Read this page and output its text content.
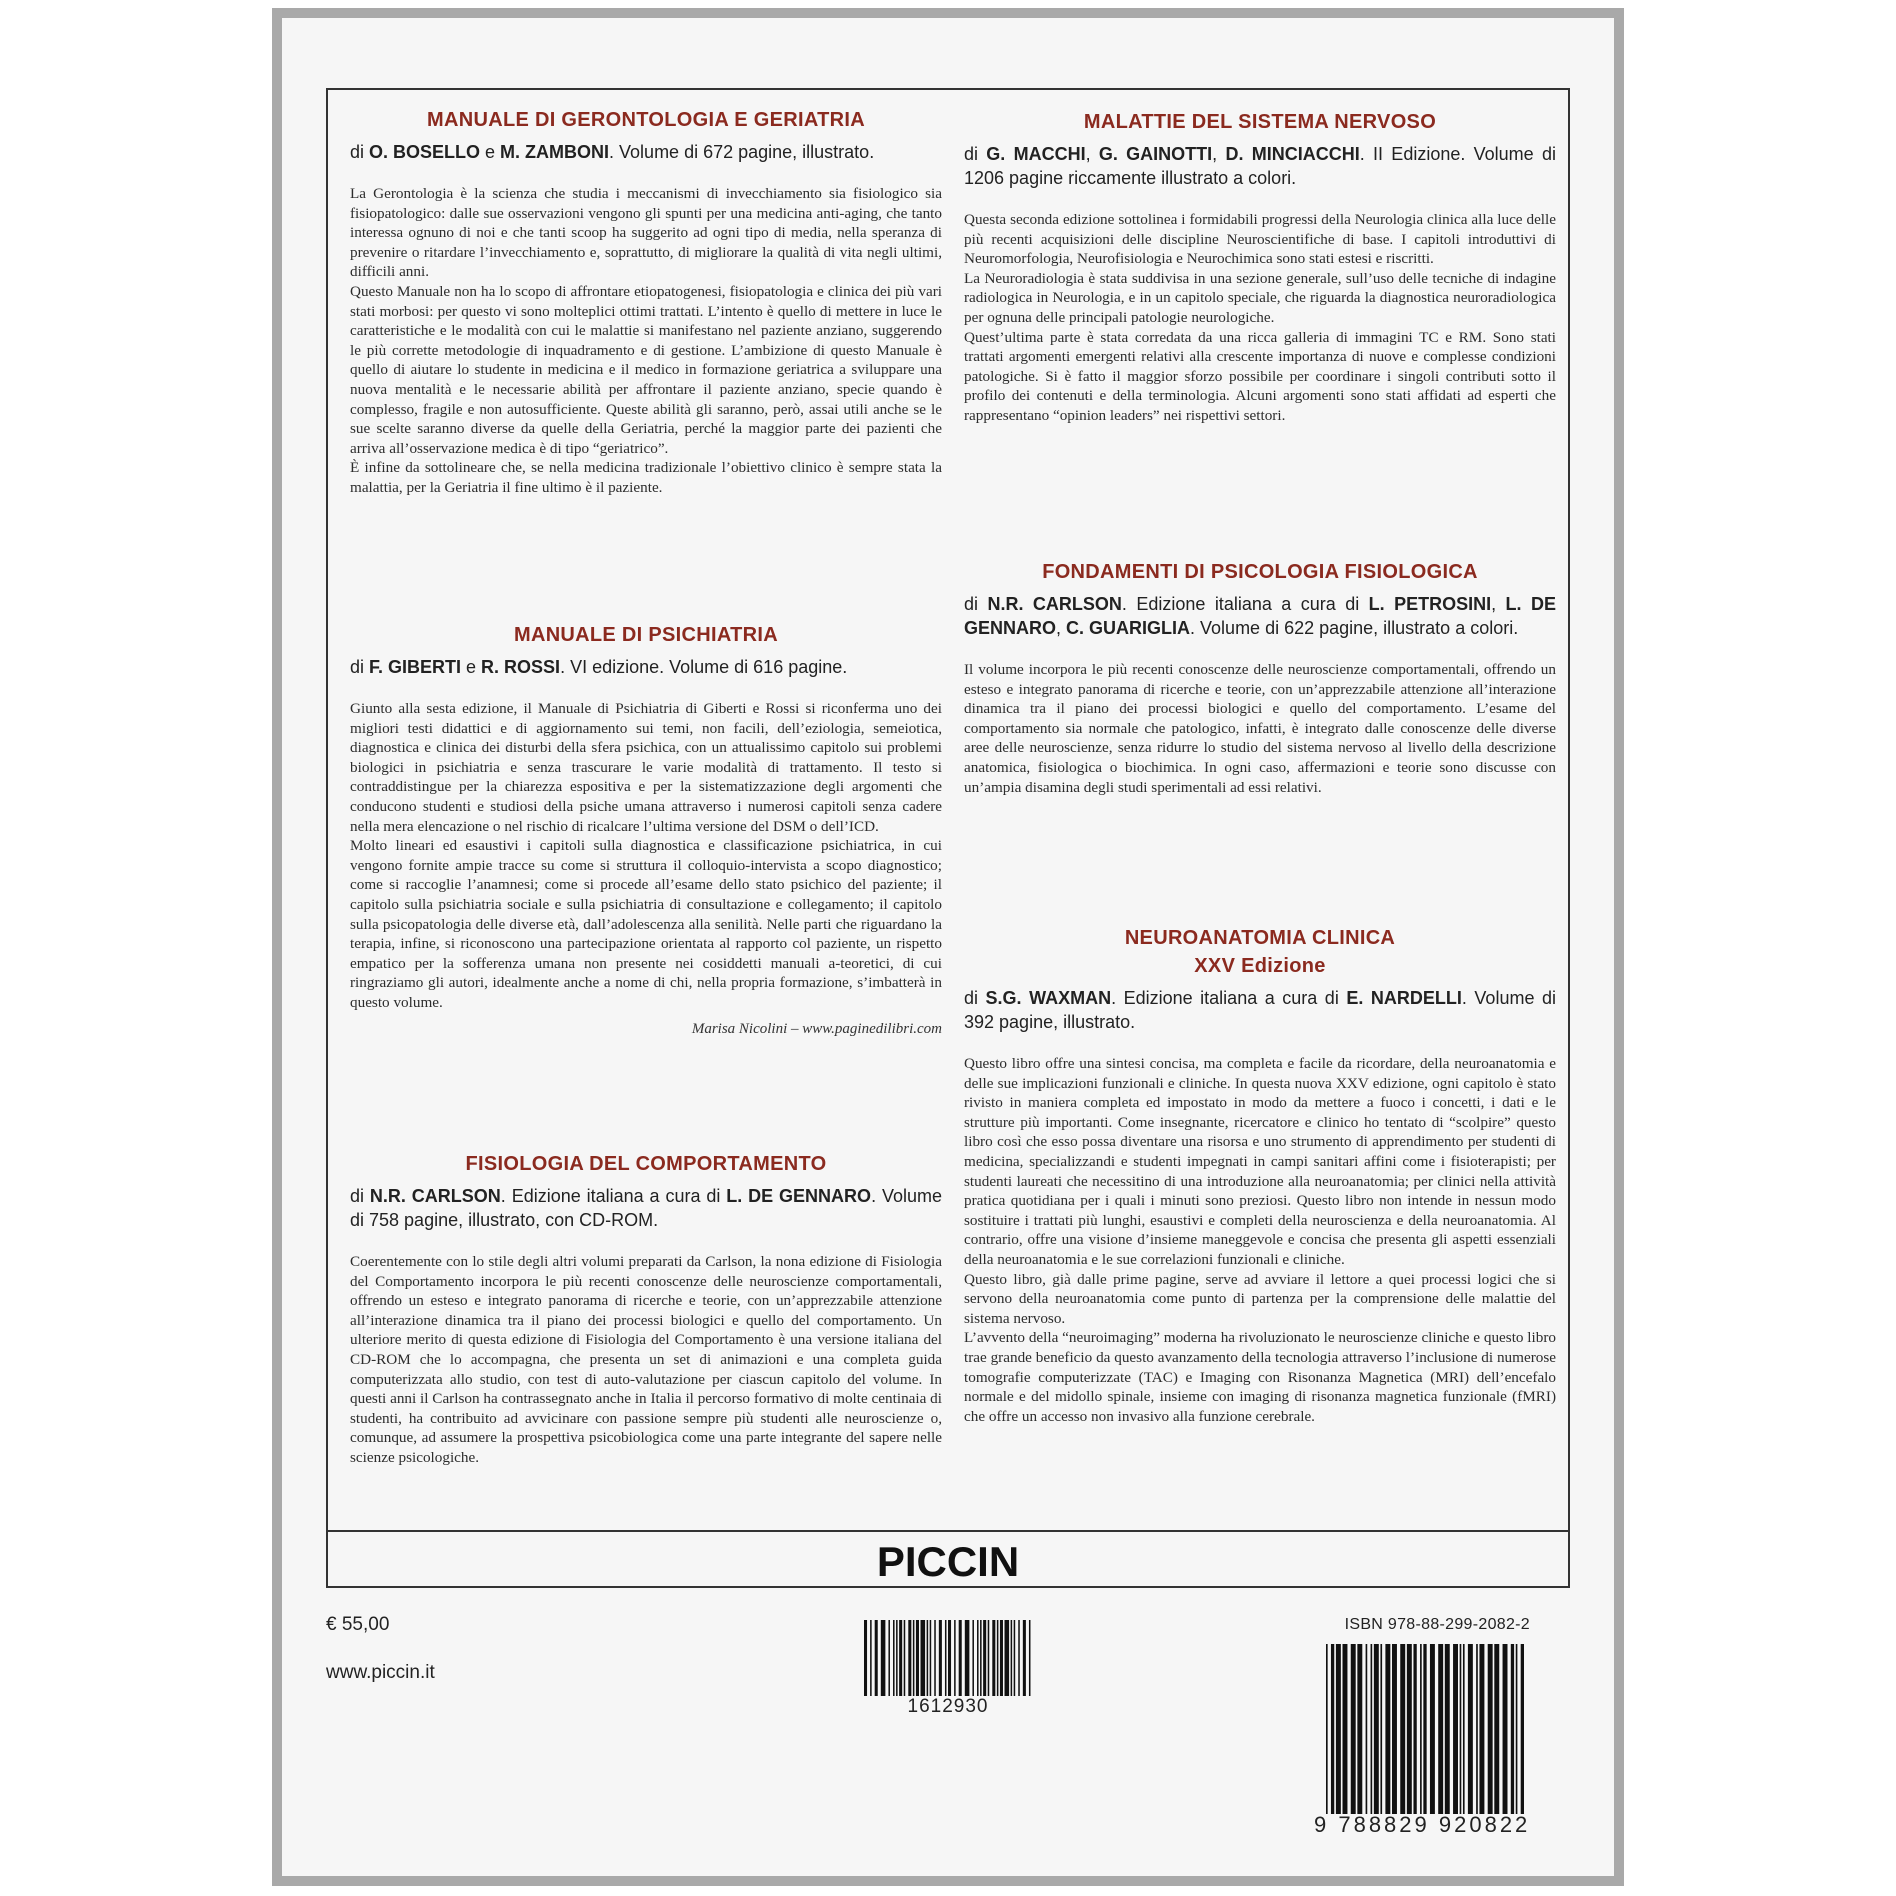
MANUALE DI GERONTOLOGIA E GERIATRIA
di O. BOSELLO e M. ZAMBONI. Volume di 672 pagine, illustrato.

La Gerontologia è la scienza che studia i meccanismi di invecchiamento sia fisiologico sia fisiopatologico: dalle sue osservazioni vengono gli spunti per una medicina anti-aging, che tanto interessa ognuno di noi e che tanti scoop ha suggerito ad ogni tipo di media, nella speranza di prevenire o ritardare l’invecchiamento e, soprattutto, di migliorare la qualità di vita negli ultimi, difficili anni.

Questo Manuale non ha lo scopo di affrontare etiopatogenesi, fisiopatologia e clinica dei più vari stati morbosi: per questo vi sono molteplici ottimi trattati. L’intento è quello di mettere in luce le caratteristiche e le modalità con cui le malattie si manifestano nel paziente anziano, suggerendo le più corrette metodologie di inquadramento e di gestione. L’ambizione di questo Manuale è quello di aiutare lo studente in medicina e il medico in formazione geriatrica a sviluppare una nuova mentalità e le necessarie abilità per affrontare il paziente anziano, specie quando è complesso, fragile e non autosufficiente. Queste abilità gli saranno, però, assai utili anche se le sue scelte saranno diverse da quelle della Geriatria, perché la maggior parte dei pazienti che arriva all’osservazione medica è di tipo “geriatrico”.

È infine da sottolineare che, se nella medicina tradizionale l’obiettivo clinico è sempre stata la malattia, per la Geriatria il fine ultimo è il paziente.

MANUALE DI PSICHIATRIA
di F. GIBERTI e R. ROSSI. VI edizione. Volume di 616 pagine.

Giunto alla sesta edizione, il Manuale di Psichiatria di Giberti e Rossi si riconferma uno dei migliori testi didattici e di aggiornamento sui temi, non facili, dell’eziologia, semeiotica, diagnostica e clinica dei disturbi della sfera psichica, con un attualissimo capitolo sui problemi biologici in psichiatria e senza trascurare le varie modalità di trattamento. Il testo si contraddistingue per la chiarezza espositiva e per la sistematizzazione degli argomenti che conducono studenti e studiosi della psiche umana attraverso i numerosi capitoli senza cadere nella mera elencazione o nel rischio di ricalcare l’ultima versione del DSM o dell’ICD.

Molto lineari ed esaustivi i capitoli sulla diagnostica e classificazione psichiatrica, in cui vengono fornite ampie tracce su come si struttura il colloquio-intervista a scopo diagnostico; come si raccoglie l’anamnesi; come si procede all’esame dello stato psichico del paziente; il capitolo sulla psichiatria sociale e sulla psichiatria di consultazione e collegamento; il capitolo sulla psicopatologia delle diverse età, dall’adolescenza alla senilità. Nelle parti che riguardano la terapia, infine, si riconoscono una partecipazione orientata al rapporto col paziente, un rispetto empatico per la sofferenza umana non presente nei cosiddetti manuali a-teoretici, di cui ringraziamo gli autori, idealmente anche a nome di chi, nella propria formazione, s’imbatterà in questo volume.

Marisa Nicolini – www.paginedilibri.com
FISIOLOGIA DEL COMPORTAMENTO
di N.R. CARLSON. Edizione italiana a cura di L. DE GENNARO. Volume di 758 pagine, illustrato, con CD-ROM.

Coerentemente con lo stile degli altri volumi preparati da Carlson, la nona edizione di Fisiologia del Comportamento incorpora le più recenti conoscenze delle neuroscienze comportamentali, offrendo un esteso e integrato panorama di ricerche e teorie, con un’apprezzabile attenzione all’interazione dinamica tra il piano dei processi biologici e quello del comportamento. Un ulteriore merito di questa edizione di Fisiologia del Comportamento è una versione italiana del CD-ROM che lo accompagna, che presenta un set di animazioni e una completa guida computerizzata allo studio, con test di auto-valutazione per ciascun capitolo del volume. In questi anni il Carlson ha contrassegnato anche in Italia il percorso formativo di molte centinaia di studenti, ha contribuito ad avvicinare con passione sempre più studenti alle neuroscienze o, comunque, ad assumere la prospettiva psicobiologica come una parte integrante del sapere nelle scienze psicologiche.

MALATTIE DEL SISTEMA NERVOSO
di G. MACCHI, G. GAINOTTI, D. MINCIACCHI. II Edizione. Volume di 1206 pagine riccamente illustrato a colori.

Questa seconda edizione sottolinea i formidabili progressi della Neurologia clinica alla luce delle più recenti acquisizioni delle discipline Neuroscientifiche di base. I capitoli introduttivi di Neuromorfologia, Neurofisiologia e Neurochimica sono stati estesi e riscritti.

La Neuroradiologia è stata suddivisa in una sezione generale, sull’uso delle tecniche di indagine radiologica in Neurologia, e in un capitolo speciale, che riguarda la diagnostica neuroradiologica per ognuna delle principali patologie neurologiche.

Quest’ultima parte è stata corredata da una ricca galleria di immagini TC e RM. Sono stati trattati argomenti emergenti relativi alla crescente importanza di nuove e complesse condizioni patologiche. Si è fatto il maggior sforzo possibile per coordinare i singoli contributi sotto il profilo dei contenuti e della terminologia. Alcuni argomenti sono stati affidati ad esperti che rappresentano “opinion leaders” nei rispettivi settori.

FONDAMENTI DI PSICOLOGIA FISIOLOGICA
di N.R. CARLSON. Edizione italiana a cura di L. PETROSINI, L. DE GENNARO, C. GUARIGLIA. Volume di 622 pagine, illustrato a colori.

Il volume incorpora le più recenti conoscenze delle neuroscienze comportamentali, offrendo un esteso e integrato panorama di ricerche e teorie, con un’apprezzabile attenzione all’interazione dinamica tra il piano dei processi biologici e quello del comportamento. L’esame del comportamento sia normale che patologico, infatti, è integrato dalle conoscenze delle diverse aree delle neuroscienze, senza ridurre lo studio del sistema nervoso al livello della descrizione anatomica, fisiologica o biochimica. In ogni caso, affermazioni e teorie sono discusse con un’ampia disamina degli studi sperimentali ad essi relativi.

NEUROANATOMIA CLINICA
XXV Edizione
di S.G. WAXMAN. Edizione italiana a cura di E. NARDELLI. Volume di 392 pagine, illustrato.

Questo libro offre una sintesi concisa, ma completa e facile da ricordare, della neuroanatomia e delle sue implicazioni funzionali e cliniche. In questa nuova XXV edizione, ogni capitolo è stato rivisto in maniera completa ed impostato in modo da mettere a fuoco i concetti, i dati e le strutture più importanti. Come insegnante, ricercatore e clinico ho tentato di “scolpire” questo libro così che esso possa diventare una risorsa e uno strumento di apprendimento per studenti di medicina, specializzandi e studenti impegnati in campi sanitari affini come i fisioterapisti; per studenti laureati che necessitino di una introduzione alla neuroanatomia; per clinici nella attività pratica quotidiana per i quali i minuti sono preziosi. Questo libro non intende in nessun modo sostituire i trattati più lunghi, esaustivi e completi della neuroscienza e della neuroanatomia. Al contrario, offre una visione d’insieme maneggevole e concisa che presenta gli aspetti essenziali della neuroanatomia e le sue correlazioni funzionali e cliniche.

Questo libro, già dalle prime pagine, serve ad avviare il lettore a quei processi logici che si servono della neuroanatomia come punto di partenza per la comprensione delle malattie del sistema nervoso.

L’avvento della “neuroimaging” moderna ha rivoluzionato le neuroscienze cliniche e questo libro trae grande beneficio da questo avanzamento della tecnologia attraverso l’inclusione di numerose tomografie computerizzate (TAC) e Imaging con Risonanza Magnetica (MRI) dell’encefalo normale e del midollo spinale, insieme con imaging di risonanza magnetica funzionale (fMRI) che offre un accesso non invasivo alla funzione cerebrale.

PICCIN
€ 55,00
www.piccin.it
1612930
ISBN 978-88-299-2082-2
9 788829 920822
